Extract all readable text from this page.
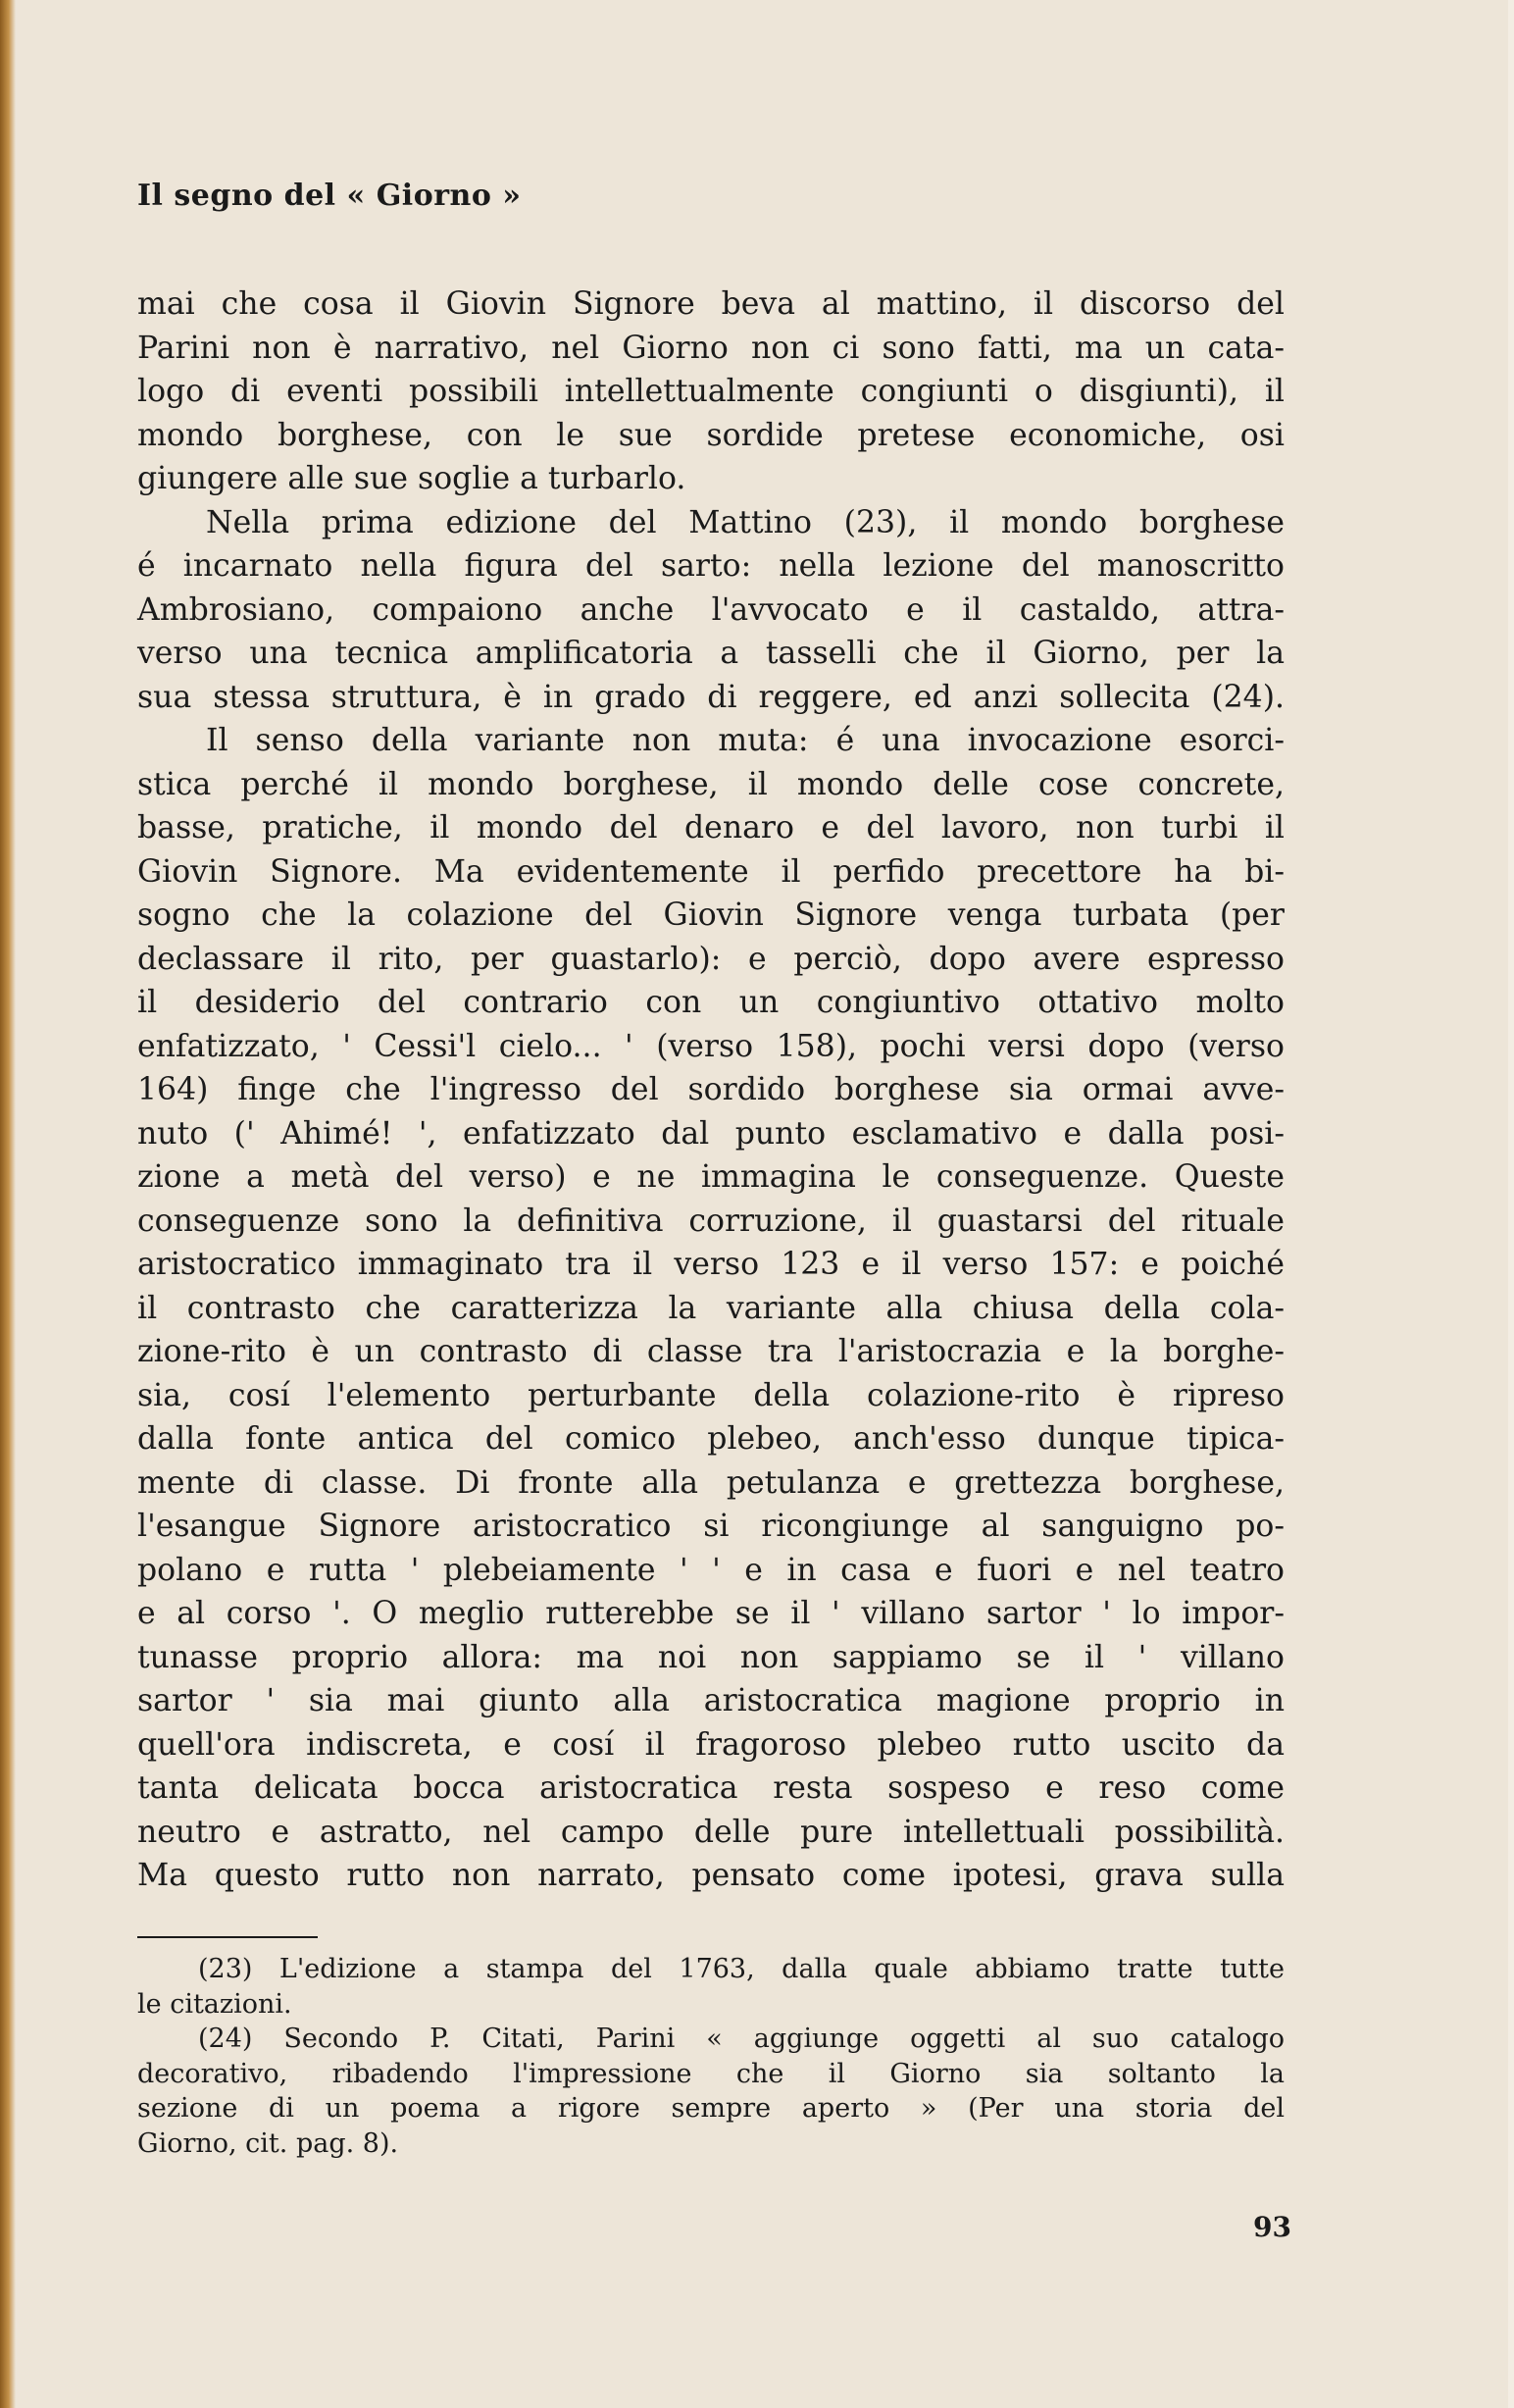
Il segno del « Giorno »
mai che cosa il Giovin Signore beva al mattino, il discorso del
Parini non è narrativo, nel Giorno non ci sono fatti, ma un cata-
logo di eventi possibili intellettualmente congiunti o disgiunti), il
mondo borghese, con le sue sordide pretese economiche, osi
giungere alle sue soglie a turbarlo.
Nella prima edizione del Mattino (23), il mondo borghese
é incarnato nella figura del sarto: nella lezione del manoscritto
Ambrosiano, compaiono anche l'avvocato e il castaldo, attra-
verso una tecnica amplificatoria a tasselli che il Giorno, per la
sua stessa struttura, è in grado di reggere, ed anzi sollecita (24).
Il senso della variante non muta: é una invocazione esorci-
stica perché il mondo borghese, il mondo delle cose concrete,
basse, pratiche, il mondo del denaro e del lavoro, non turbi il
Giovin Signore. Ma evidentemente il perfido precettore ha bi-
sogno che la colazione del Giovin Signore venga turbata (per
declassare il rito, per guastarlo): e perciò, dopo avere espresso
il desiderio del contrario con un congiuntivo ottativo molto
enfatizzato, ' Cessi'l cielo... ' (verso 158), pochi versi dopo (verso
164) finge che l'ingresso del sordido borghese sia ormai avve-
nuto (' Ahimé! ', enfatizzato dal punto esclamativo e dalla posi-
zione a metà del verso) e ne immagina le conseguenze. Queste
conseguenze sono la definitiva corruzione, il guastarsi del rituale
aristocratico immaginato tra il verso 123 e il verso 157: e poiché
il contrasto che caratterizza la variante alla chiusa della cola-
zione-rito è un contrasto di classe tra l'aristocrazia e la borghe-
sia, cosí l'elemento perturbante della colazione-rito è ripreso
dalla fonte antica del comico plebeo, anch'esso dunque tipica-
mente di classe. Di fronte alla petulanza e grettezza borghese,
l'esangue Signore aristocratico si ricongiunge al sanguigno po-
polano e rutta ' plebeiamente ' ' e in casa e fuori e nel teatro
e al corso '. O meglio rutterebbe se il ' villano sartor ' lo impor-
tunasse proprio allora: ma noi non sappiamo se il ' villano
sartor ' sia mai giunto alla aristocratica magione proprio in
quell'ora indiscreta, e cosí il fragoroso plebeo rutto uscito da
tanta delicata bocca aristocratica resta sospeso e reso come
neutro e astratto, nel campo delle pure intellettuali possibilità.
Ma questo rutto non narrato, pensato come ipotesi, grava sulla
(23) L'edizione a stampa del 1763, dalla quale abbiamo tratte tutte
le citazioni.
(24) Secondo P. Citati, Parini « aggiunge oggetti al suo catalogo
decorativo, ribadendo l'impressione che il Giorno sia soltanto la
sezione di un poema a rigore sempre aperto » (Per una storia del
Giorno, cit. pag. 8).
93
